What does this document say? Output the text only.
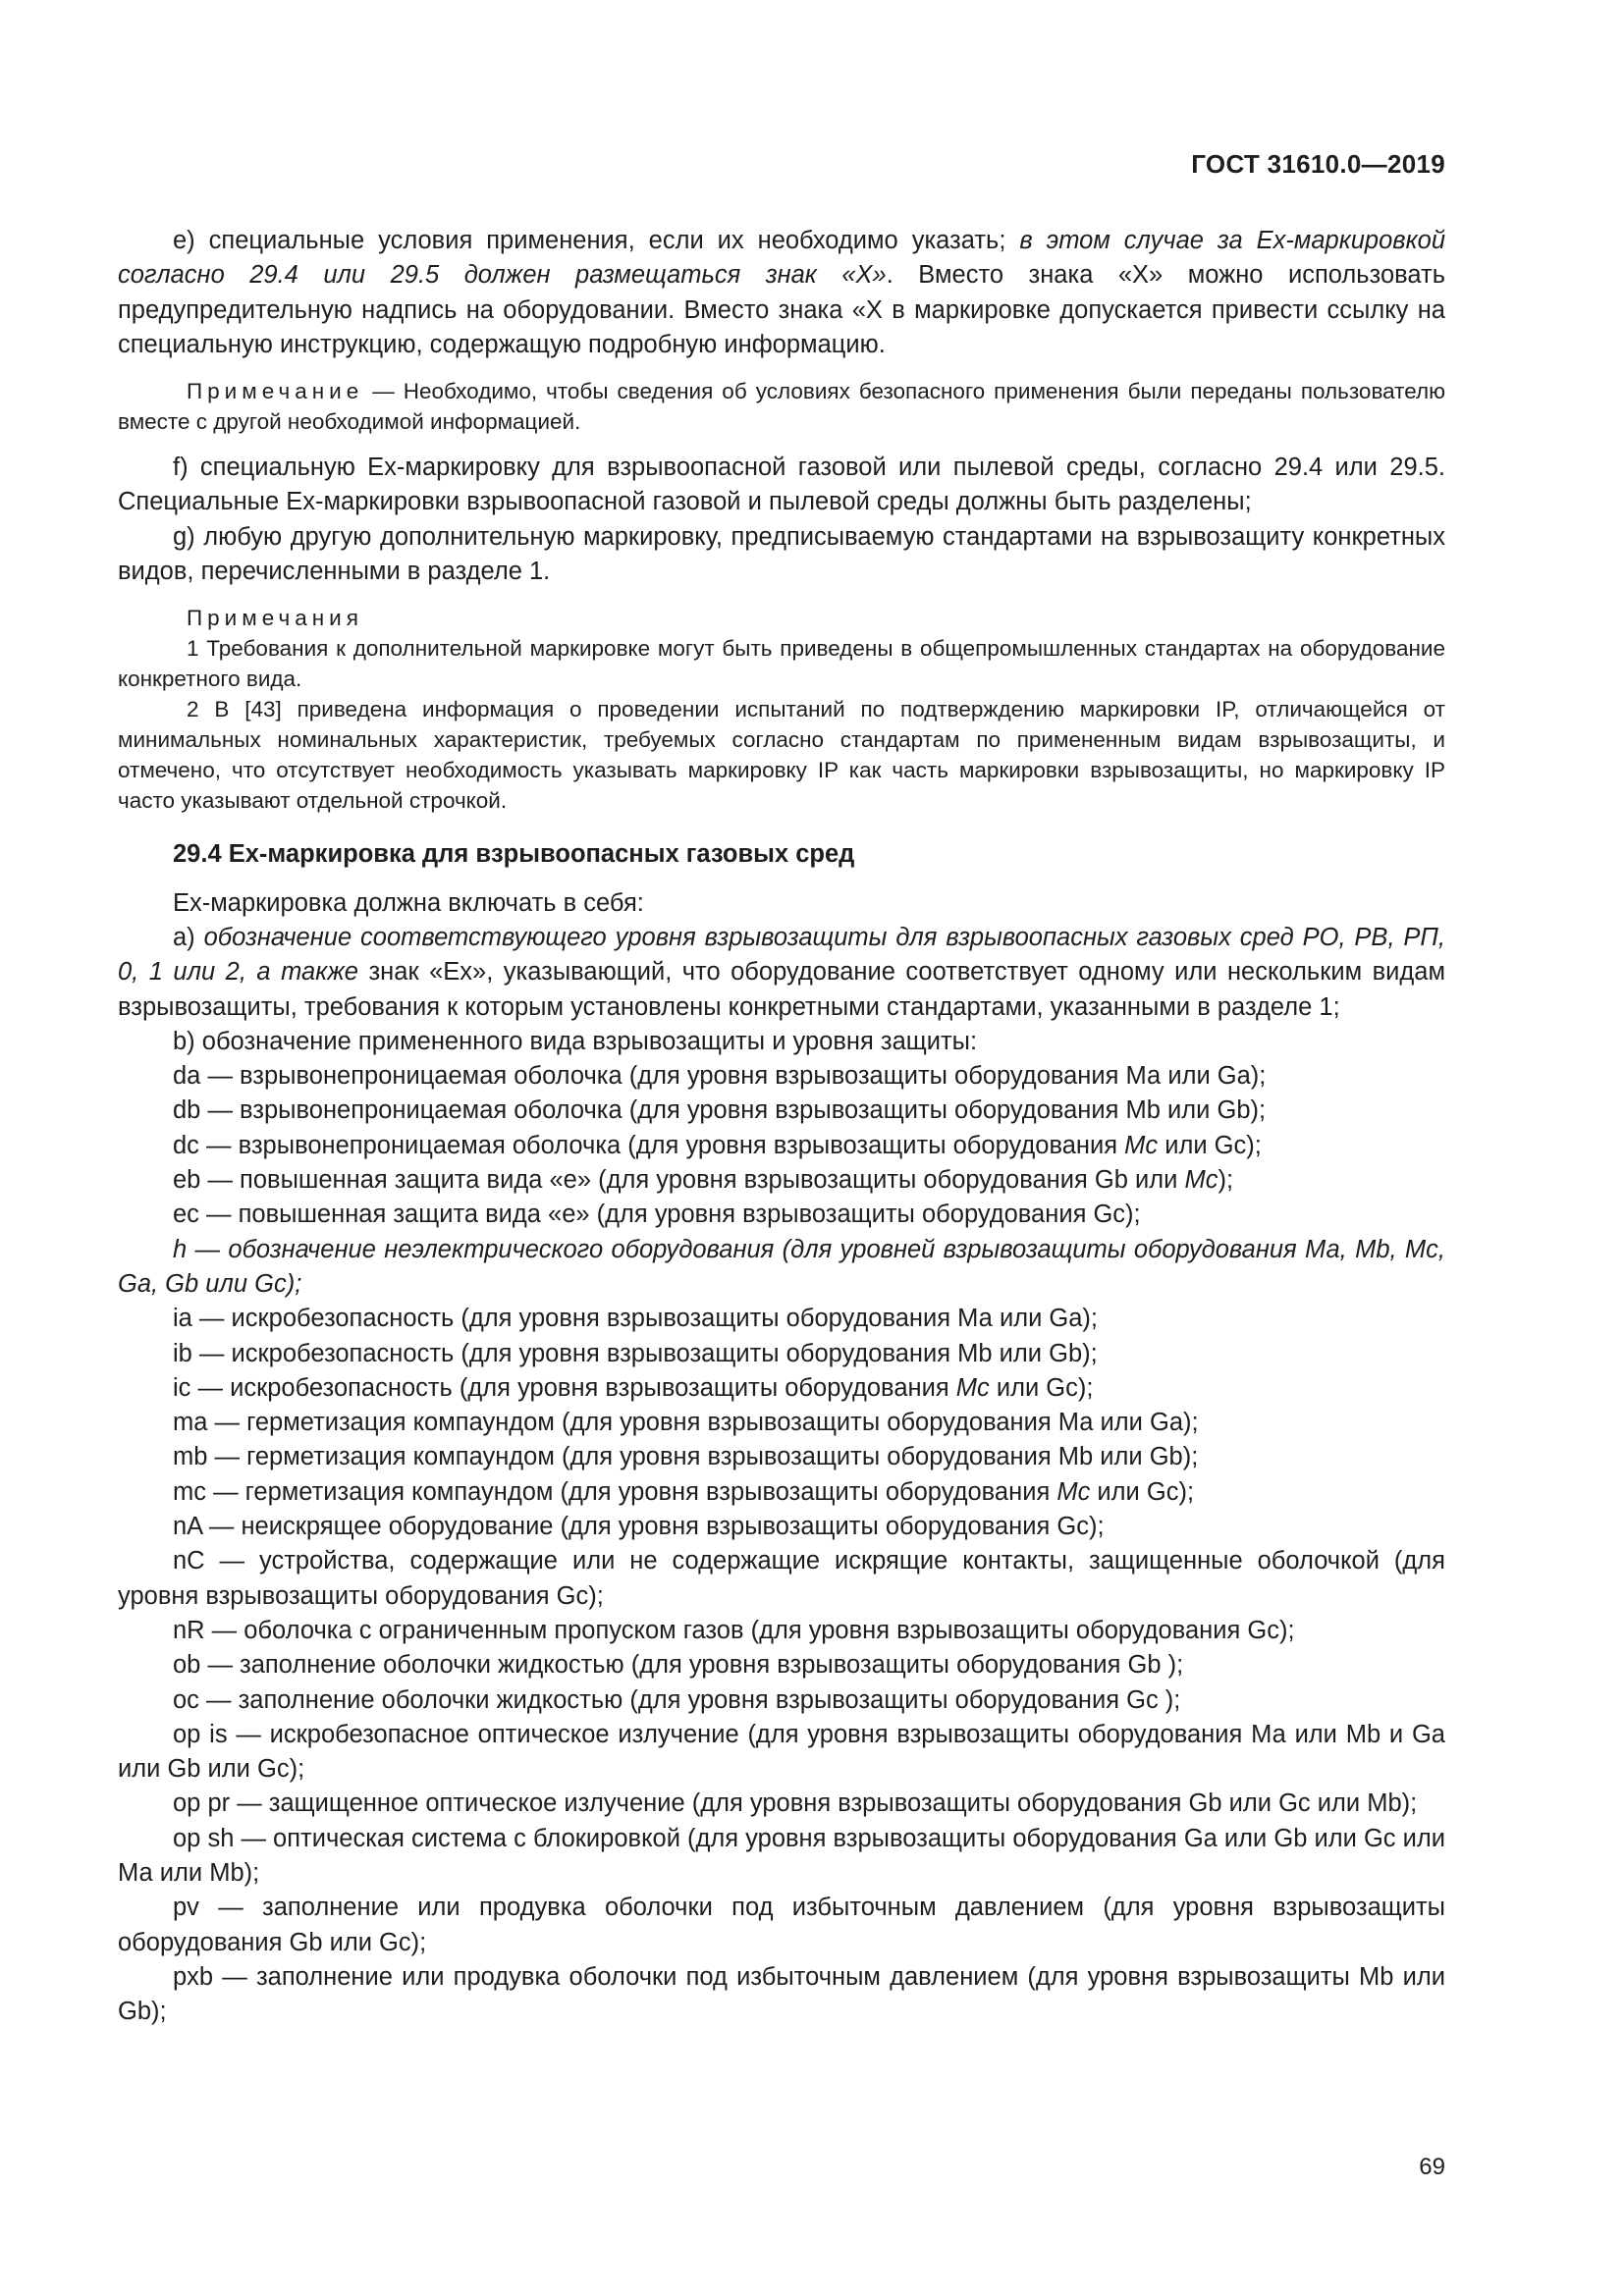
ГОСТ 31610.0—2019

е) специальные условия применения, если их необходимо указать; в этом случае за Ex-маркировкой согласно 29.4 или 29.5 должен размещаться знак «Х». Вместо знака «Х» можно использовать предупредительную надпись на оборудовании. Вместо знака «X в маркировке допускается привести ссылку на специальную инструкцию, содержащую подробную информацию.

Примечание — Необходимо, чтобы сведения об условиях безопасного применения были переданы пользователю вместе с другой необходимой информацией.

f) специальную Ex-маркировку для взрывоопасной газовой или пылевой среды, согласно 29.4 или 29.5. Специальные Ex-маркировки взрывоопасной газовой и пылевой среды должны быть разделены;

g) любую другую дополнительную маркировку, предписываемую стандартами на взрывозащиту конкретных видов, перечисленными в разделе 1.

Примечания

1 Требования к дополнительной маркировке могут быть приведены в общепромышленных стандартах на оборудование конкретного вида.

2 В [43] приведена информация о проведении испытаний по подтверждению маркировки IP, отличающейся от минимальных номинальных характеристик, требуемых согласно стандартам по примененным видам взрывозащиты, и отмечено, что отсутствует необходимость указывать маркировку IP как часть маркировки взрывозащиты, но маркировку IP часто указывают отдельной строчкой.

29.4 Ex-маркировка для взрывоопасных газовых сред

Ex-маркировка должна включать в себя:

a) обозначение соответствующего уровня взрывозащиты для взрывоопасных газовых сред PO, PB, PП, 0, 1 или 2, а также знак «Ex», указывающий, что оборудование соответствует одному или нескольким видам взрывозащиты, требования к которым установлены конкретными стандартами, указанными в разделе 1;

b) обозначение примененного вида взрывозащиты и уровня защиты:

da — взрывонепроницаемая оболочка (для уровня взрывозащиты оборудования Ма или Ga);

db — взрывонепроницаемая оболочка (для уровня взрывозащиты оборудования Mb или Gb);

dc — взрывонепроницаемая оболочка (для уровня взрывозащиты оборудования Мс или Gc);

eb — повышенная защита вида «е» (для уровня взрывозащиты оборудования Gb или Мс);

ec — повышенная защита вида «е» (для уровня взрывозащиты оборудования Gc);

h — обозначение неэлектрического оборудования (для уровней взрывозащиты оборудования Ма, Mb, Мс, Ga, Gb или Gc);

ia — искробезопасность (для уровня взрывозащиты оборудования Ма или Ga);

ib — искробезопасность (для уровня взрывозащиты оборудования Mb или Gb);

ic — искробезопасность (для уровня взрывозащиты оборудования Мс или Gc);

ma — герметизация компаундом (для уровня взрывозащиты оборудования Ма или Ga);

mb — герметизация компаундом (для уровня взрывозащиты оборудования Mb или Gb);

mc — герметизация компаундом (для уровня взрывозащиты оборудования Мс или Gc);

nA — неискрящее оборудование (для уровня взрывозащиты оборудования Gc);

nC — устройства, содержащие или не содержащие искрящие контакты, защищенные оболочкой (для уровня взрывозащиты оборудования Gc);

nR — оболочка с ограниченным пропуском газов (для уровня взрывозащиты оборудования Gc);

ob — заполнение оболочки жидкостью (для уровня взрывозащиты оборудования Gb );

oc — заполнение оболочки жидкостью (для уровня взрывозащиты оборудования Gc );

op is — искробезопасное оптическое излучение (для уровня взрывозащиты оборудования Ма или Mb и Ga или Gb или Gc);

op pr — защищенное оптическое излучение (для уровня взрывозащиты оборудования Gb или Gc или Mb);

op sh — оптическая система с блокировкой (для уровня взрывозащиты оборудования Ga или Gb или Gc или Ма или Mb);

pv — заполнение или продувка оболочки под избыточным давлением (для уровня взрывозащиты оборудования Gb или Gc);

pxb — заполнение или продувка оболочки под избыточным давлением (для уровня взрывозащиты Mb или Gb);

69
